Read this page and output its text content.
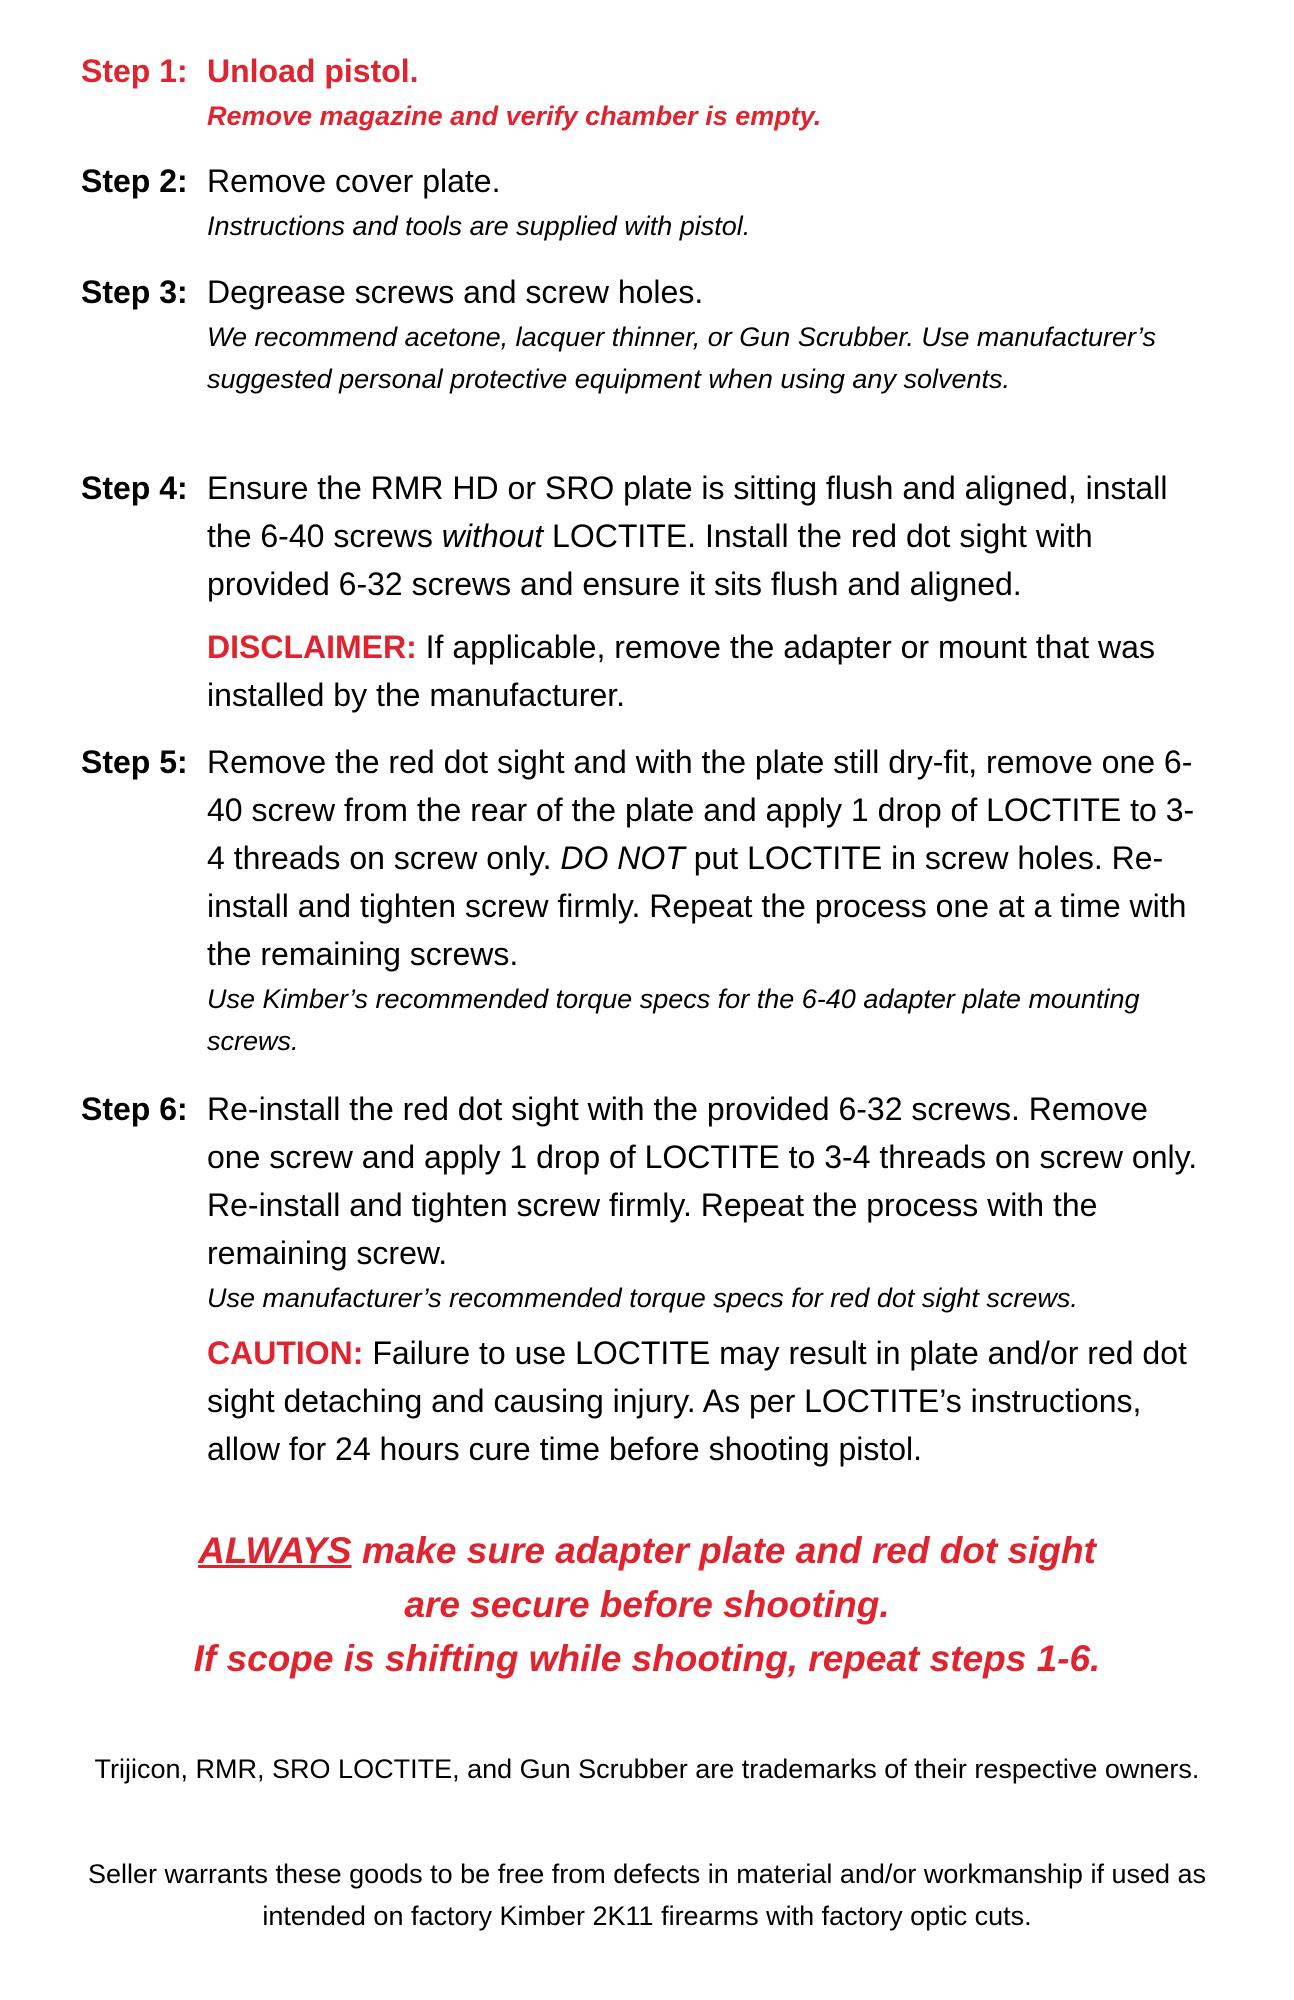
Step 1: Unload pistol.

Remove magazine and verify chamber is empty.

Step 2: Remove cover plate.

Instructions and tools are supplied with pistol.

Step 3: Degrease screws and screw holes.

We recommend acetone, lacquer thinner, or Gun Scrubber. Use manufacturer’s suggested personal protective equipment when using any solvents.

Step 4: Ensure the RMR HD or SRO plate is sitting flush and aligned, install the 6-40 screws without LOCTITE. Install the red dot sight with provided 6-32 screws and ensure it sits flush and aligned.

DISCLAIMER: If applicable, remove the adapter or mount that was installed by the manufacturer.

Step 5: Remove the red dot sight and with the plate still dry-fit, remove one 6-40 screw from the rear of the plate and apply 1 drop of LOCTITE to 3-4 threads on screw only. DO NOT put LOCTITE in screw holes. Re-install and tighten screw firmly. Repeat the process one at a time with the remaining screws.

Use Kimber’s recommended torque specs for the 6-40 adapter plate mounting screws.

Step 6: Re-install the red dot sight with the provided 6-32 screws. Remove one screw and apply 1 drop of LOCTITE to 3-4 threads on screw only. Re-install and tighten screw firmly. Repeat the process with the remaining screw.

Use manufacturer’s recommended torque specs for red dot sight screws.

CAUTION: Failure to use LOCTITE may result in plate and/or red dot sight detaching and causing injury. As per LOCTITE’s instructions, allow for 24 hours cure time before shooting pistol.

ALWAYS make sure adapter plate and red dot sight
are secure before shooting.
If scope is shifting while shooting, repeat steps 1-6.

Trijicon, RMR, SRO LOCTITE, and Gun Scrubber are trademarks of their respective owners.

Seller warrants these goods to be free from defects in material and/or workmanship if used as intended on factory Kimber 2K11 firearms with factory optic cuts.
